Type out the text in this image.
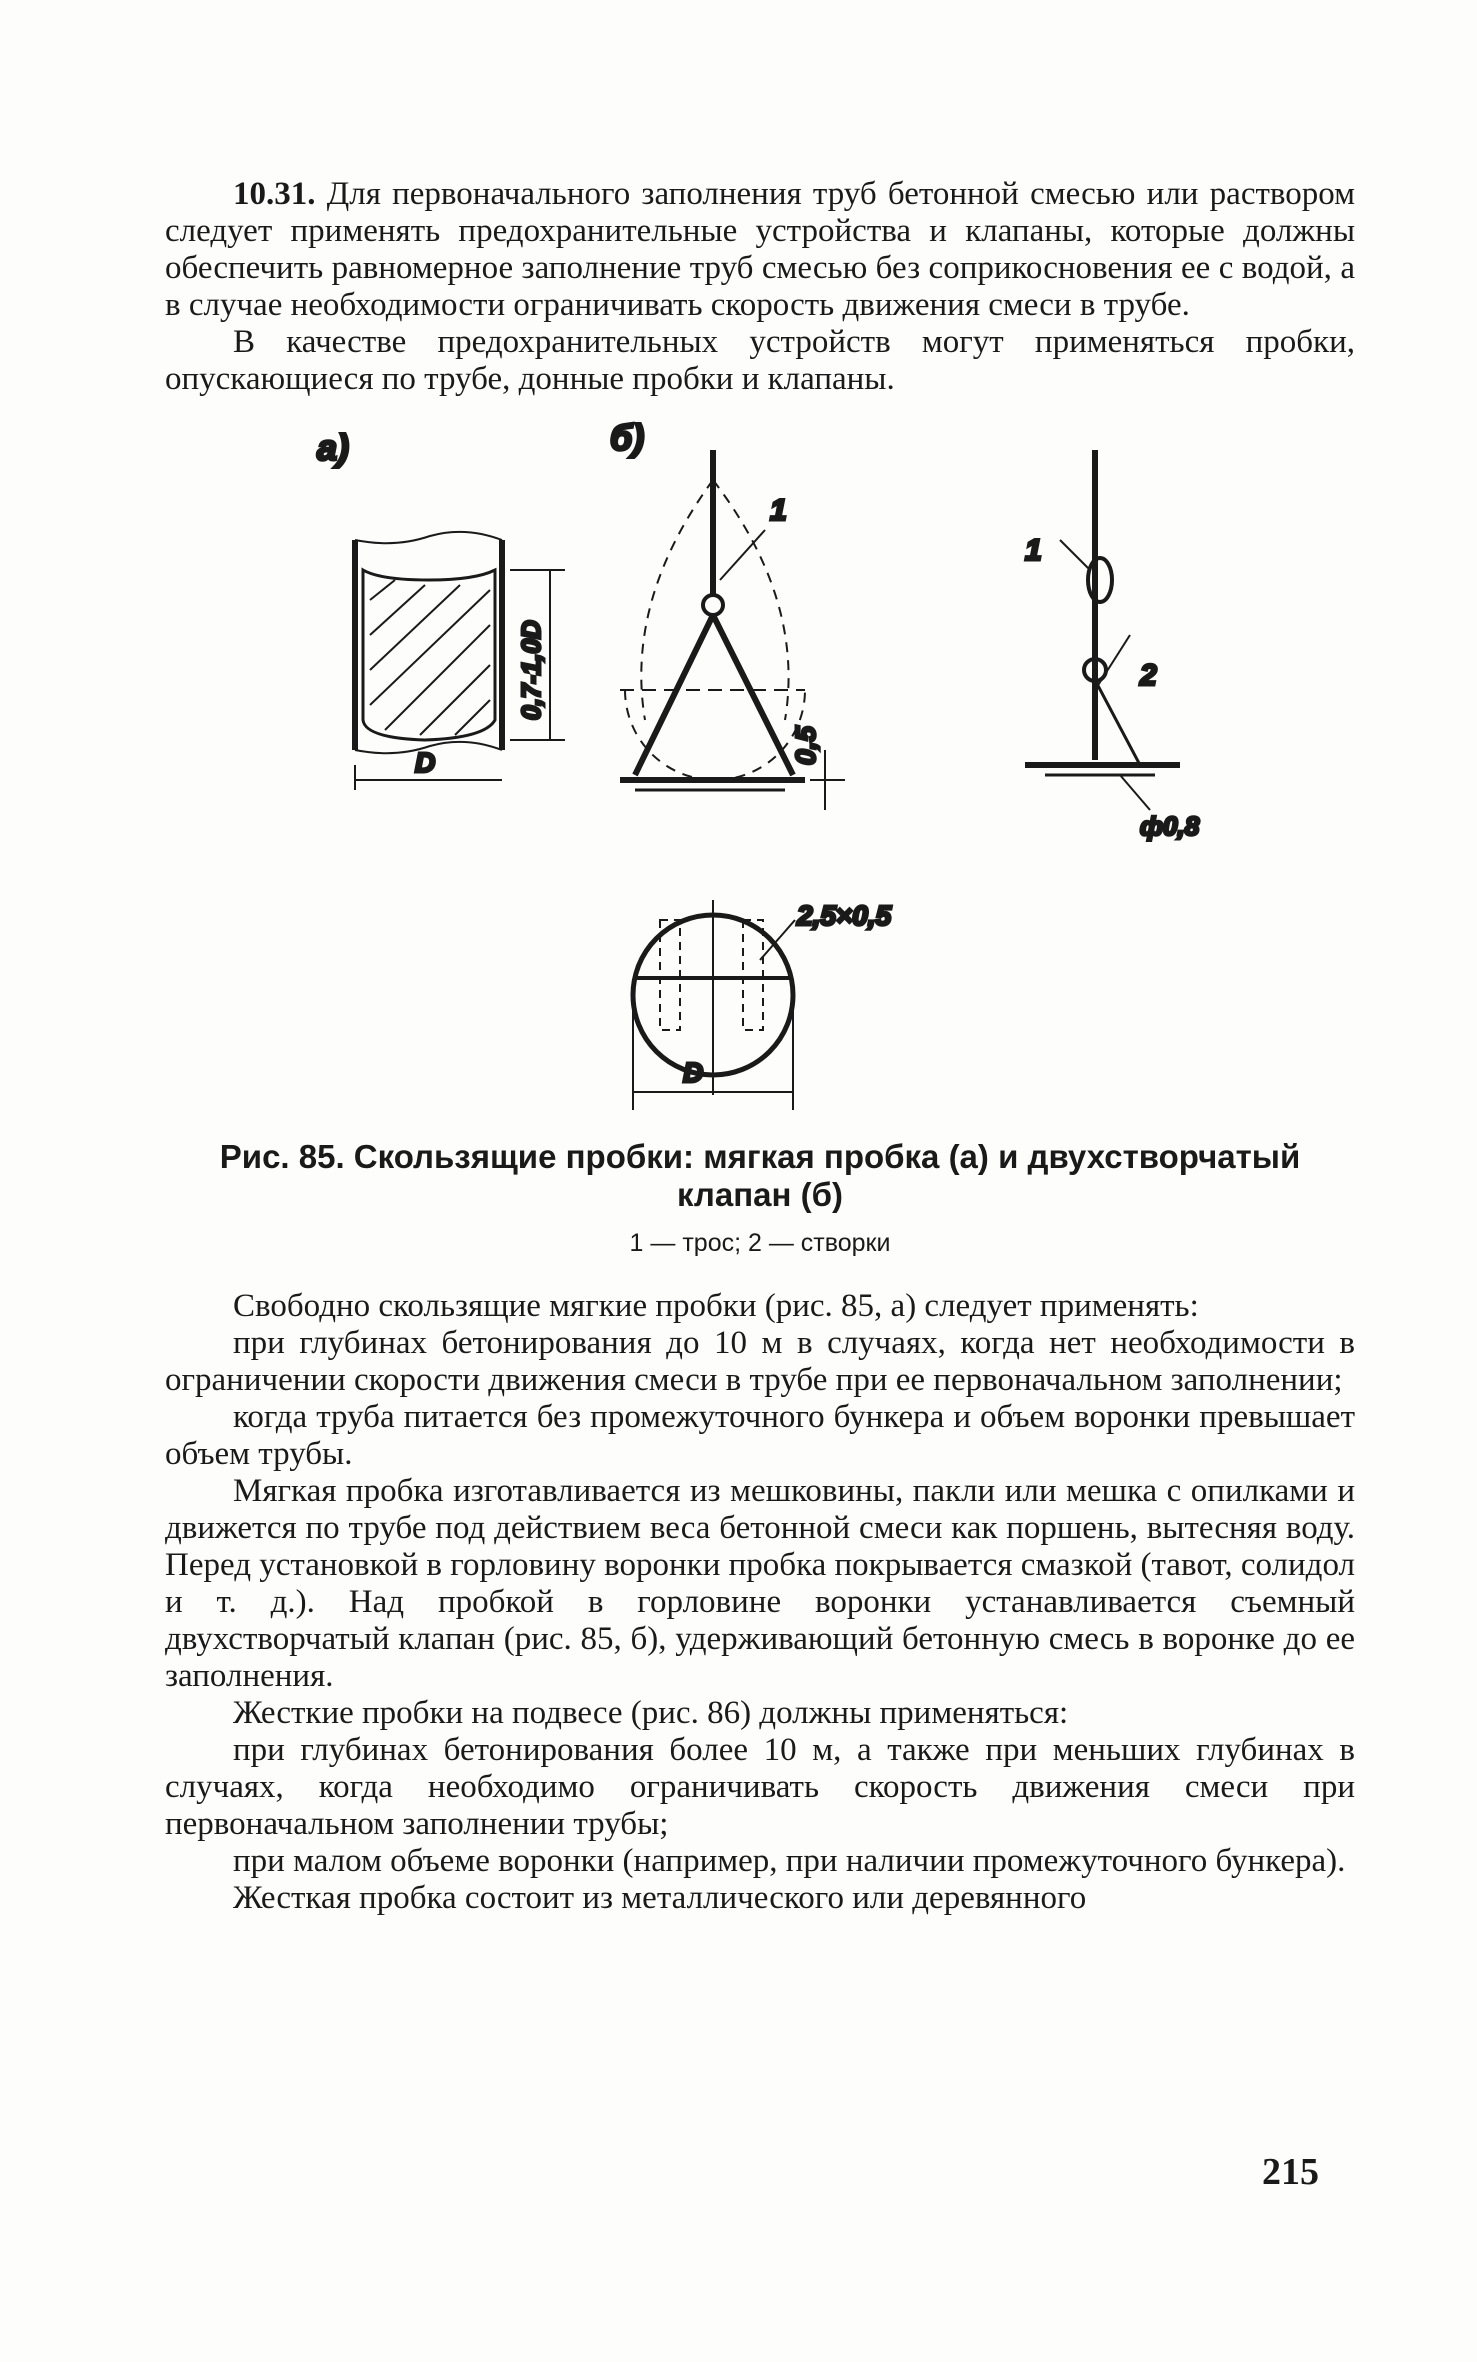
10.31. Для первоначального заполнения труб бетонной смесью или раствором следует применять предохранительные устройства и клапаны, которые должны обеспечить равномерное заполнение труб смесью без соприкосновения ее с водой, а в случае необходимости ограничивать скорость движения смеси в трубе.

В качестве предохранительных устройств могут применяться пробки, опускающиеся по трубе, донные пробки и клапаны.

а)
0,7-1,0D
D
б)
1
0,5
1
2
ф0,8
2,5×0,5
D
Рис. 85. Скользящие пробки: мягкая пробка (а) и двухстворчатый клапан (б)
1 — трос; 2 — створки

Свободно скользящие мягкие пробки (рис. 85, а) следует применять:

при глубинах бетонирования до 10 м в случаях, когда нет необходимости в ограничении скорости движения смеси в трубе при ее первоначальном заполнении;

когда труба питается без промежуточного бункера и объем воронки превышает объем трубы.

Мягкая пробка изготавливается из мешковины, пакли или мешка с опилками и движется по трубе под действием веса бетонной смеси как поршень, вытесняя воду. Перед установкой в горловину воронки пробка покрывается смазкой (тавот, солидол и т. д.). Над пробкой в горловине воронки устанавливается съемный двухстворчатый клапан (рис. 85, б), удерживающий бетонную смесь в воронке до ее заполнения.

Жесткие пробки на подвесе (рис. 86) должны применяться:

при глубинах бетонирования более 10 м, а также при меньших глубинах в случаях, когда необходимо ограничивать скорость движения смеси при первоначальном заполнении трубы;

при малом объеме воронки (например, при наличии промежуточного бункера).

Жесткая пробка состоит из металлического или деревянного

215
